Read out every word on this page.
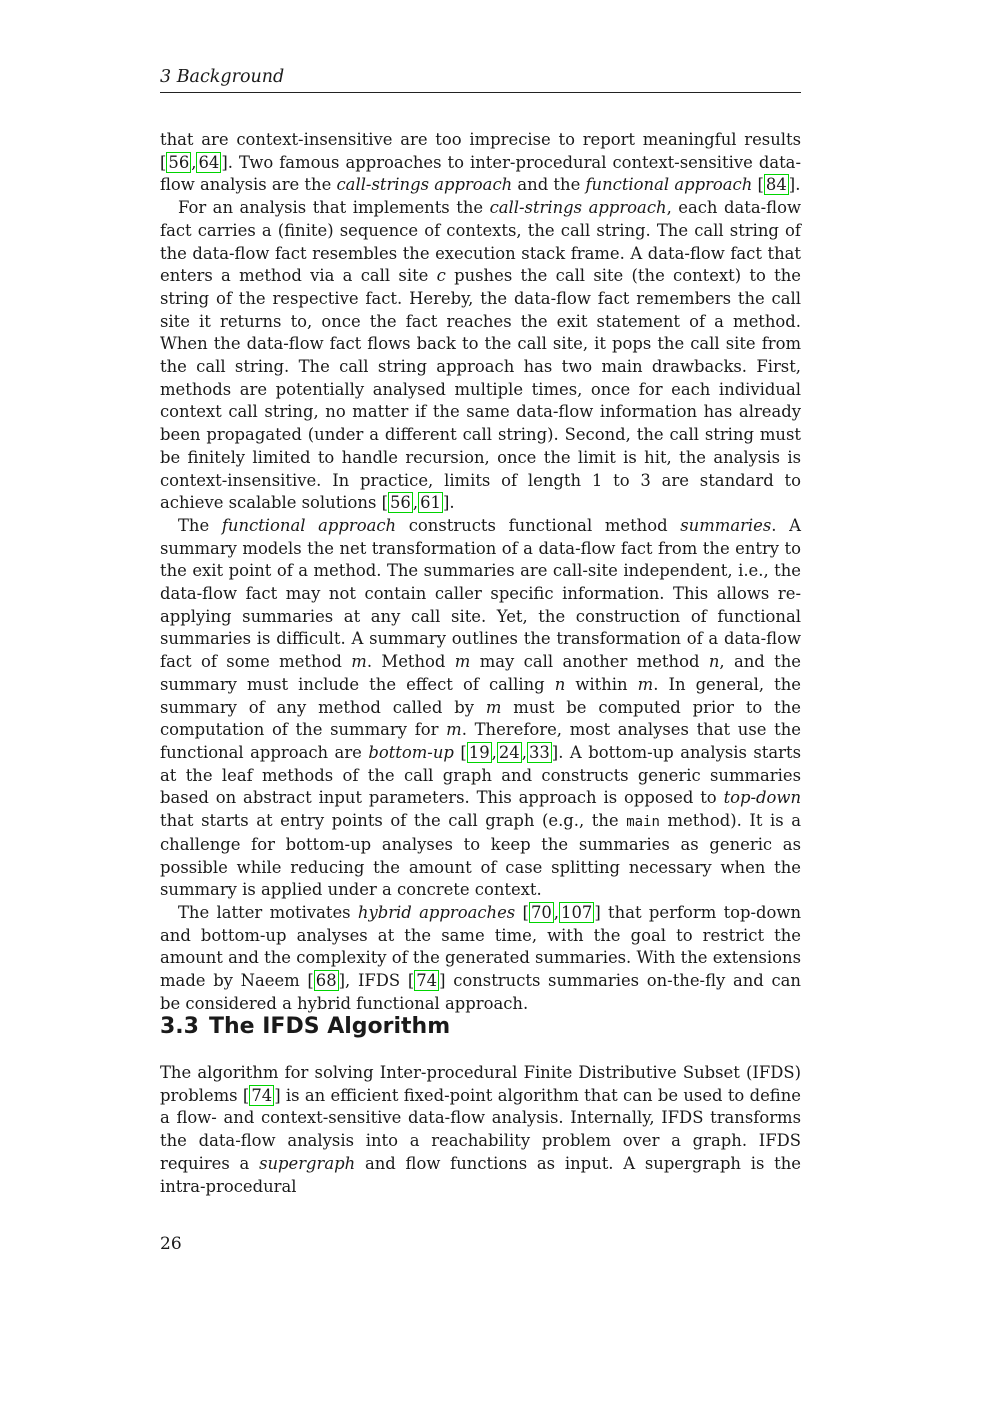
3 Background

that are context-insensitive are too imprecise to report meaningful results [ 56 , 64 ]. Two famous approaches to inter-procedural context-sensitive data-flow analysis are the call-strings approach and the functional approach [ 84 ].

For an analysis that implements the call-strings approach, each data-flow fact carries a (finite) sequence of contexts, the call string. The call string of the data-flow fact resembles the execution stack frame. A data-flow fact that enters a method via a call site c pushes the call site (the context) to the string of the respective fact. Hereby, the data-flow fact remembers the call site it returns to, once the fact reaches the exit statement of a method. When the data-flow fact flows back to the call site, it pops the call site from the call string. The call string approach has two main drawbacks. First, methods are potentially analysed multiple times, once for each individual context call string, no matter if the same data-flow information has already been propagated (under a different call string). Second, the call string must be finitely limited to handle recursion, once the limit is hit, the analysis is context-insensitive. In practice, limits of length 1 to 3 are standard to achieve scalable solutions [ 56 , 61 ].

The functional approach constructs functional method summaries. A summary models the net transformation of a data-flow fact from the entry to the exit point of a method. The summaries are call-site independent, i.e., the data-flow fact may not contain caller specific information. This allows re-applying summaries at any call site. Yet, the construction of functional summaries is difficult. A summary outlines the transformation of a data-flow fact of some method m. Method m may call another method n, and the summary must include the effect of calling n within m. In general, the summary of any method called by m must be computed prior to the computation of the summary for m. Therefore, most analyses that use the functional approach are bottom-up [ 19 , 24 , 33 ]. A bottom-up analysis starts at the leaf methods of the call graph and constructs generic summaries based on abstract input parameters. This approach is opposed to top-down that starts at entry points of the call graph (e.g., the main method). It is a challenge for bottom-up analyses to keep the summaries as generic as possible while reducing the amount of case splitting necessary when the summary is applied under a concrete context.

The latter motivates hybrid approaches [ 70 , 107 ] that perform top-down and bottom-up analyses at the same time, with the goal to restrict the amount and the complexity of the generated summaries. With the extensions made by Naeem [ 68 ], IFDS [ 74 ] constructs summaries on-the-fly and can be considered a hybrid functional approach.

3.3 The IFDS Algorithm

The algorithm for solving Inter-procedural Finite Distributive Subset (IFDS) problems [ 74 ] is an efficient fixed-point algorithm that can be used to define a flow- and context-sensitive data-flow analysis. Internally, IFDS transforms the data-flow analysis into a reachability problem over a graph. IFDS requires a supergraph and flow functions as input. A supergraph is the intra-procedural

26
